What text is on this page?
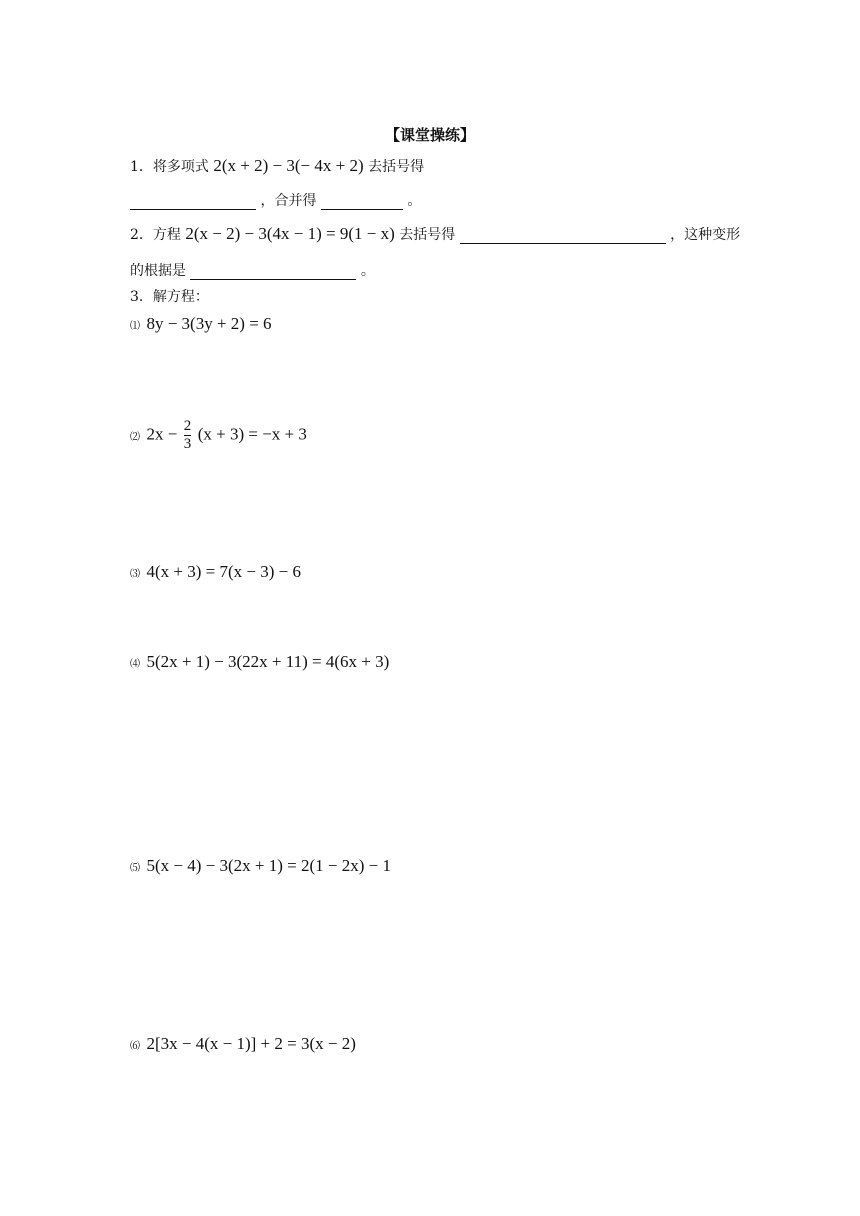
【课堂操练】
1．将多项式 2(x + 2) − 3(− 4x + 2) 去括号得
，合并得	。
2．方程 2(x − 2) − 3(4x − 1) = 9(1 − x) 去括号得	，这种变形
的根据是	。
3．解方程：
⑴ 8y − 3(3y + 2) = 6
⑵ $2x - \frac{2}{3} (x + 3) = -x + 3$
⑶ 4(x + 3) = 7(x − 3) − 6
⑷ 5(2x + 1) − 3(22x + 11) = 4(6x + 3)
⑸ 5(x − 4) − 3(2x + 1) = 2(1 − 2x) − 1
⑹ 2[3x − 4(x − 1)] + 2 = 3(x − 2)
